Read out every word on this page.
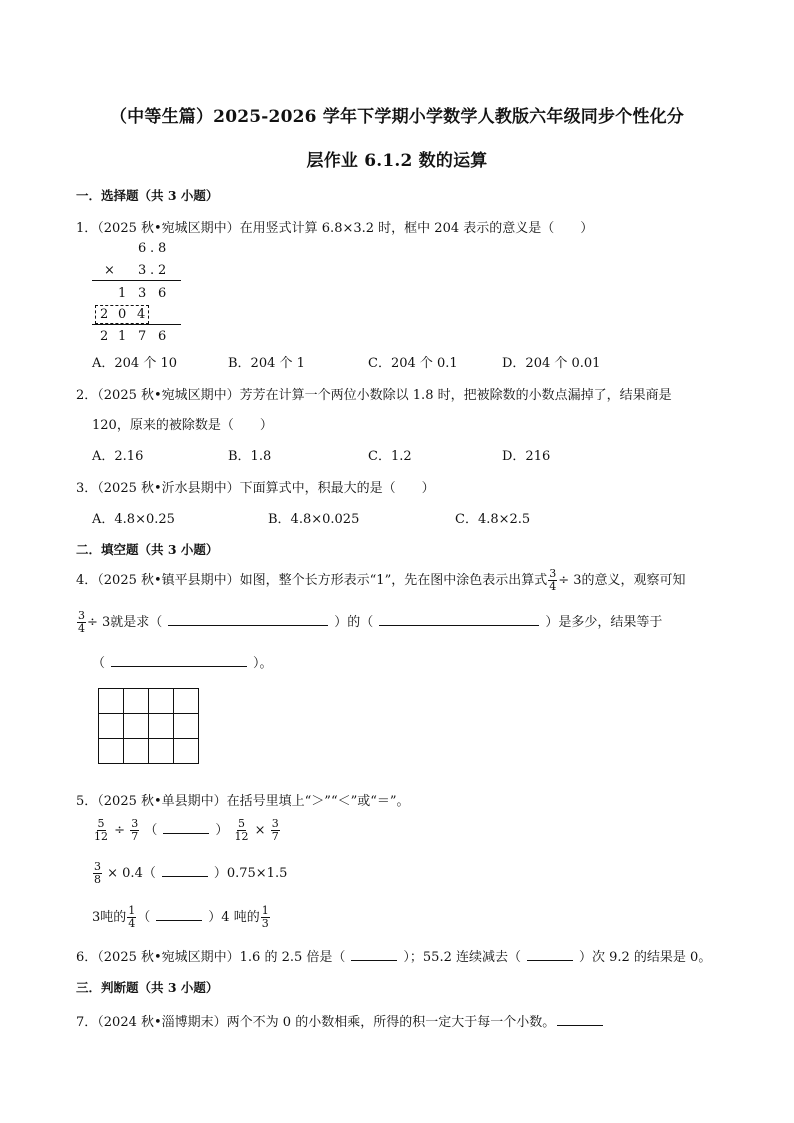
（中等生篇）2025-2026 学年下学期小学数学人教版六年级同步个性化分
层作业 6.1.2 数的运算
一．选择题（共 3 小题）
1．（2025 秋•宛城区期中）在用竖式计算 6.8×3.2 时，框中 204 表示的意义是（　　）
6 . 8
× 3 . 2
1 3 6
2 0 4
2 1 7 6
A．204 个 10	B．204 个 1	C．204 个 0.1	D．204 个 0.01
2．（2025 秋•宛城区期中）芳芳在计算一个两位小数除以 1.8 时，把被除数的小数点漏掉了，结果商是
120，原来的被除数是（　　）
A．2.16	B．1.8	C．1.2	D．216
3．（2025 秋•沂水县期中）下面算式中，积最大的是（　　）
A．4.8×0.25	B．4.8×0.025	C．4.8×2.5
二．填空题（共 3 小题）
4．（2025 秋•镇平县期中）如图，整个长方形表示“1”，先在图中涂色表示出算式 $\frac{3}{4} \div 3$的意义，观察可知
$\frac{3}{4} \div 3$就是求（	）的（	）是多少，结果等于
（	）。

5．（2025 秋•单县期中）在括号里填上“＞”“＜”或“＝”。
$\frac{5}{12} \div \frac{3}{7}$ （	） $\frac{5}{12} \times \frac{3}{7}$
$\frac{3}{8} \times 0.4$（	）0.75×1.5
3吨的 $\frac{1}{4}$ （	）4 吨的 $\frac{1}{3}$
6．（2025 秋•宛城区期中）1.6 的 2.5 倍是（	）；55.2 连续减去（	）次 9.2 的结果是 0。
三．判断题（共 3 小题）
7．（2024 秋•淄博期末）两个不为 0 的小数相乘，所得的积一定大于每一个小数。
